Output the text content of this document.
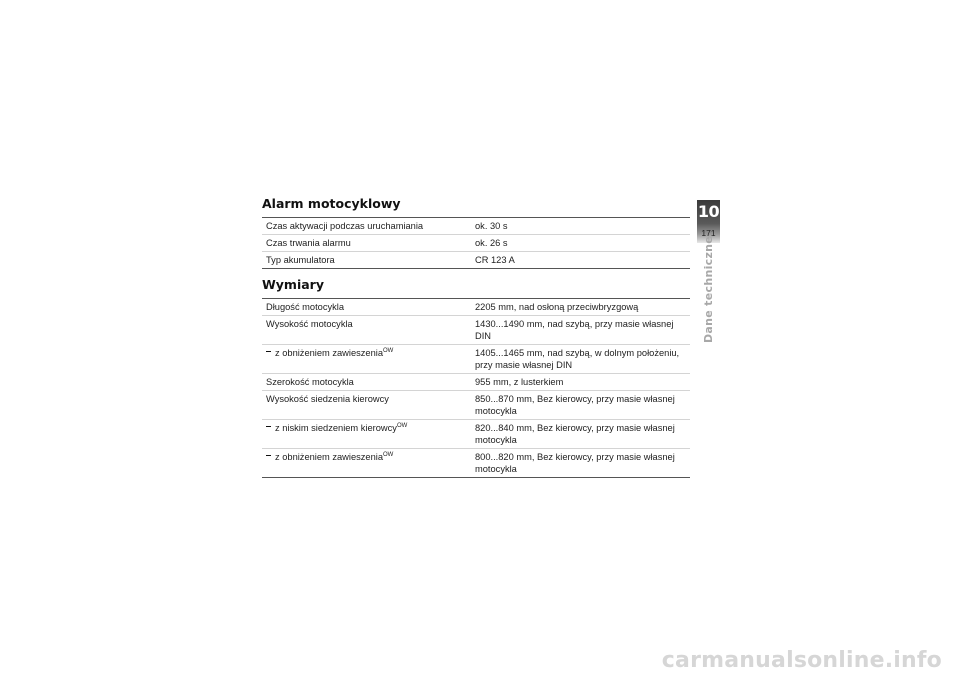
Alarm motocyklowy
Czas aktywacji podczas uruchamiania	ok. 30 s
Czas trwania alarmu	ok. 26 s
Typ akumulatora	CR 123 A
Wymiary
Długość motocykla	2205 mm, nad osłoną przeciwbryzgową
Wysokość motocykla	1430...1490 mm, nad szybą, przy masie własnej DIN
z obniżeniem zawieszenia$^{OW}$	1405...1465 mm, nad szybą, w dolnym położeniu, przy masie własnej DIN
Szerokość motocykla	955 mm, z lusterkiem
Wysokość siedzenia kierowcy	850...870 mm, Bez kierowcy, przy masie własnej motocykla
z niskim siedzeniem kierowcy$^{OW}$	820...840 mm, Bez kierowcy, przy masie własnej motocykla
z obniżeniem zawieszenia$^{OW}$	800...820 mm, Bez kierowcy, przy masie własnej motocykla
10
171
Dane techniczne
carmanualsonline.info
